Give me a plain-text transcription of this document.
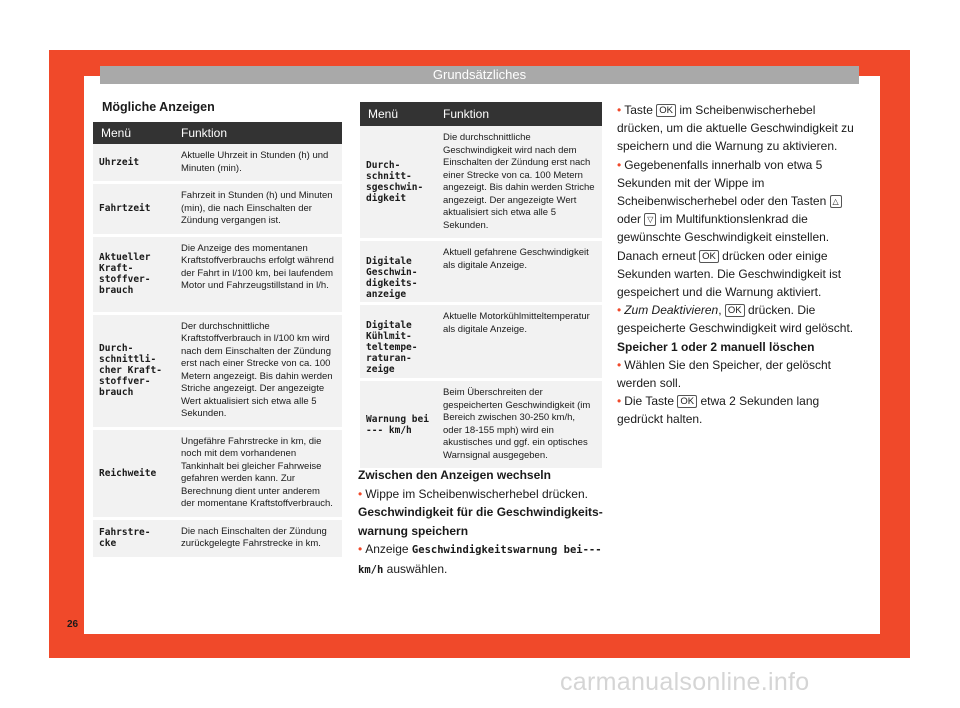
Grundsätzliches
Mögliche Anzeigen
Menü	Funktion
Uhrzeit	Aktuelle Uhrzeit in Stunden (h) und Minuten (min).
Fahrtzeit	Fahrzeit in Stunden (h) und Minuten (min), die nach Einschalten der Zündung vergangen ist.
Aktueller Kraft-stoffver-brauch	Die Anzeige des momentanen Kraftstoffverbrauchs erfolgt während der Fahrt in l/100 km, bei laufendem Motor und Fahrzeugstillstand in l/h.
Durch-schnittli-cher Kraft-stoffver-brauch	Der durchschnittliche Kraftstoffverbrauch in l/100 km wird nach dem Einschalten der Zündung erst nach einer Strecke von ca. 100 Metern angezeigt. Bis dahin werden Striche angezeigt. Der angezeigte Wert aktualisiert sich etwa alle 5 Sekunden.
Reichweite	Ungefähre Fahrstrecke in km, die noch mit dem vorhandenen Tankinhalt bei gleicher Fahrweise gefahren werden kann. Zur Berechnung dient unter anderem der momentane Kraftstoffverbrauch.
Fahrstre-cke	Die nach Einschalten der Zündung zurückgelegte Fahrstrecke in km.
Menü	Funktion
Durch-schnitt-sgeschwin-digkeit	Die durchschnittliche Geschwindigkeit wird nach dem Einschalten der Zündung erst nach einer Strecke von ca. 100 Metern angezeigt. Bis dahin werden Striche angezeigt. Der angezeigte Wert aktualisiert sich etwa alle 5 Sekunden.
Digitale Geschwin-digkeits-anzeige	Aktuell gefahrene Geschwindigkeit als digitale Anzeige.
Digitale Kühlmit-teltempe-raturan-zeige	Aktuelle Motorkühlmitteltemperatur als digitale Anzeige.
Warnung bei --- km/h	Beim Überschreiten der gespeicherten Geschwindigkeit (im Bereich zwischen 30-250 km/h, oder 18-155 mph) wird ein akustisches und ggf. ein optisches Warnsignal ausgegeben.

Zwischen den Anzeigen wechseln

• Wippe im Scheibenwischerhebel drücken.

Geschwindigkeit für die Geschwindigkeits-warnung speichern

• Anzeige Geschwindigkeitswarnung bei--- km/h auswählen.

• Taste OK im Scheibenwischerhebel drücken, um die aktuelle Geschwindigkeit zu speichern und die Warnung zu aktivieren.

• Gegebenenfalls innerhalb von etwa 5 Sekunden mit der Wippe im Scheibenwischerhebel oder den Tasten △ oder ▽ im Multifunktionslenkrad die gewünschte Geschwindigkeit einstellen. Danach erneut OK drücken oder einige Sekunden warten. Die Geschwindigkeit ist gespeichert und die Warnung aktiviert.

• Zum Deaktivieren, OK drücken. Die gespeicherte Geschwindigkeit wird gelöscht.

Speicher 1 oder 2 manuell löschen

• Wählen Sie den Speicher, der gelöscht werden soll.

• Die Taste OK etwa 2 Sekunden lang gedrückt halten.

26
carmanualsonline.info
